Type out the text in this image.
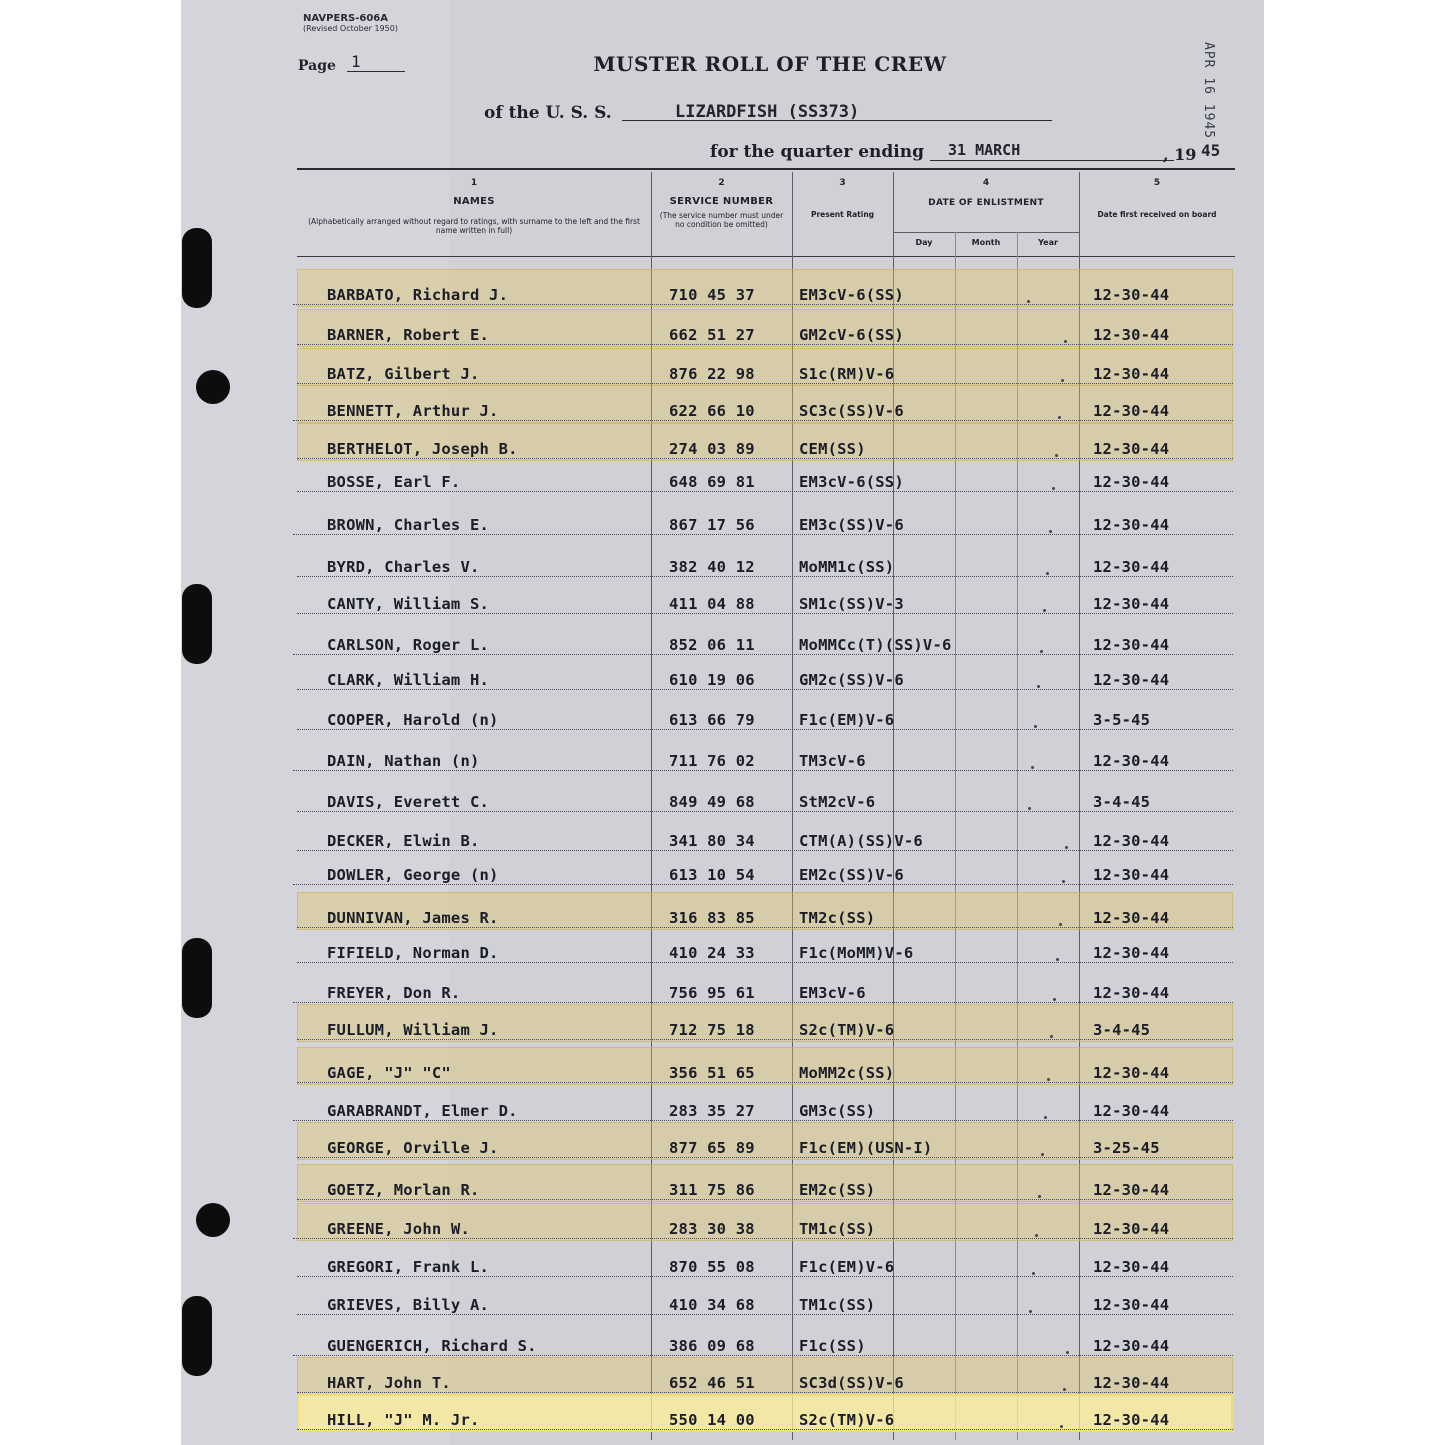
NAVPERS-606A
(Revised October 1950)
Page 1	MUSTER ROLL OF THE CREW
of the U. S. S.	LIZARDFISH (SS373)
for the quarter ending 31 MARCH	, 19 45
APR 16 1945
1
NAMES
(Alphabetically arranged without regard to ratings, with surname to the left and the first name written in full)
2
SERVICE NUMBER
(The service number must under no condition be omitted)
3
Present Rating
4
DATE OF ENLISTMENT
5
Date first received on board
Day	Month	Year
BARBATO, Richard J.	710 45 37	EM3cV-6(SS)	12-30-44
BARNER, Robert E.	662 51 27	GM2cV-6(SS)	12-30-44
BATZ, Gilbert J.	876 22 98	S1c(RM)V-6	12-30-44
BENNETT, Arthur J.	622 66 10	SC3c(SS)V-6	12-30-44
BERTHELOT, Joseph B.	274 03 89	CEM(SS)	12-30-44
BOSSE, Earl F.	648 69 81	EM3cV-6(SS)	12-30-44
BROWN, Charles E.	867 17 56	EM3c(SS)V-6	12-30-44
BYRD, Charles V.	382 40 12	MoMM1c(SS)	12-30-44
CANTY, William S.	411 04 88	SM1c(SS)V-3	12-30-44
CARLSON, Roger L.	852 06 11	MoMMCc(T)(SS)V-6	12-30-44
CLARK, William H.	610 19 06	GM2c(SS)V-6	12-30-44
COOPER, Harold (n)	613 66 79	F1c(EM)V-6	3-5-45
DAIN, Nathan (n)	711 76 02	TM3cV-6	12-30-44
DAVIS, Everett C.	849 49 68	StM2cV-6	3-4-45
DECKER, Elwin B.	341 80 34	CTM(A)(SS)V-6	12-30-44
DOWLER, George (n)	613 10 54	EM2c(SS)V-6	12-30-44
DUNNIVAN, James R.	316 83 85	TM2c(SS)	12-30-44
FIFIELD, Norman D.	410 24 33	F1c(MoMM)V-6	12-30-44
FREYER, Don R.	756 95 61	EM3cV-6	12-30-44
FULLUM, William J.	712 75 18	S2c(TM)V-6	3-4-45
GAGE, "J" "C"	356 51 65	MoMM2c(SS)	12-30-44
GARABRANDT, Elmer D.	283 35 27	GM3c(SS)	12-30-44
GEORGE, Orville J.	877 65 89	F1c(EM)(USN-I)	3-25-45
GOETZ, Morlan R.	311 75 86	EM2c(SS)	12-30-44
GREENE, John W.	283 30 38	TM1c(SS)	12-30-44
GREGORI, Frank L.	870 55 08	F1c(EM)V-6	12-30-44
GRIEVES, Billy A.	410 34 68	TM1c(SS)	12-30-44
GUENGERICH, Richard S.	386 09 68	F1c(SS)	12-30-44
HART, John T.	652 46 51	SC3d(SS)V-6	12-30-44
HILL, "J" M. Jr.	550 14 00	S2c(TM)V-6	12-30-44
